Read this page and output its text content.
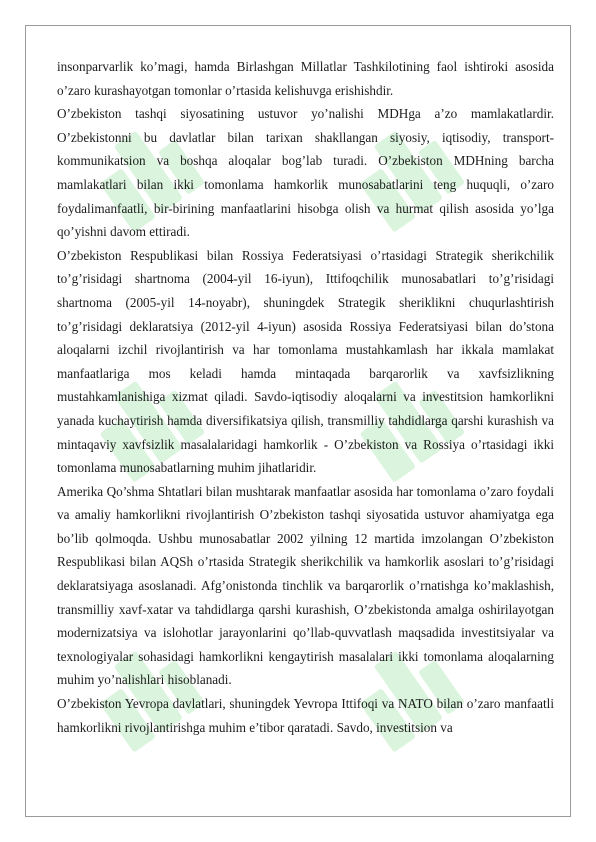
insonparvarlik ko’magi, hamda Birlashgan Millatlar Tashkilotining faol ishtiroki asosida o’zaro kurashayotgan tomonlar o’rtasida kelishuvga erishishdir.

O’zbekiston tashqi siyosatining ustuvor yo’nalishi MDHga a’zo mamlakatlardir. O’zbekistonni bu davlatlar bilan tarixan shakllangan siyosiy, iqtisodiy, transport-kommunikatsion va boshqa aloqalar bog’lab turadi. O’zbekiston MDHning barcha mamlakatlari bilan ikki tomonlama hamkorlik munosabatlarini teng huquqli, o’zaro foydalimanfaatli, bir-birining manfaatlarini hisobga olish va hurmat qilish asosida yo’lga qo’yishni davom ettiradi.

O’zbekiston Respublikasi bilan Rossiya Federatsiyasi o’rtasidagi Strategik sherikchilik to’g’risidagi shartnoma (2004-yil 16-iyun), Ittifoqchilik munosabatlari to’g’risidagi shartnoma (2005-yil 14-noyabr), shuningdek Strategik sheriklikni chuqurlashtirish to’g’risidagi deklaratsiya (2012-yil 4-iyun) asosida Rossiya Federatsiyasi bilan do’stona aloqalarni izchil rivojlantirish va har tomonlama mustahkamlash har ikkala mamlakat manfaatlariga mos keladi hamda mintaqada barqarorlik va xavfsizlikning mustahkamlanishiga xizmat qiladi. Savdo-iqtisodiy aloqalarni va investitsion hamkorlikni yanada kuchaytirish hamda diversifikatsiya qilish, transmilliy tahdidlarga qarshi kurashish va mintaqaviy xavfsizlik masalalaridagi hamkorlik - O’zbekiston va Rossiya o’rtasidagi ikki tomonlama munosabatlarning muhim jihatlaridir.

Amerika Qo’shma Shtatlari bilan mushtarak manfaatlar asosida har tomonlama o’zaro foydali va amaliy hamkorlikni rivojlantirish O’zbekiston tashqi siyosatida ustuvor ahamiyatga ega bo’lib qolmoqda. Ushbu munosabatlar 2002 yilning 12 martida imzolangan O’zbekiston Respublikasi bilan AQSh o’rtasida Strategik sherikchilik va hamkorlik asoslari to’g’risidagi deklaratsiyaga asoslanadi. Afg’onistonda tinchlik va barqarorlik o’rnatishga ko’maklashish, transmilliy xavf-xatar va tahdidlarga qarshi kurashish, O’zbekistonda amalga oshirilayotgan modernizatsiya va islohotlar jarayonlarini qo’llab-quvvatlash maqsadida investitsiyalar va texnologiyalar sohasidagi hamkorlikni kengaytirish masalalari ikki tomonlama aloqalarning muhim yo’nalishlari hisoblanadi.

O’zbekiston Yevropa davlatlari, shuningdek Yevropa Ittifoqi va NATO bilan o’zaro manfaatli hamkorlikni rivojlantirishga muhim e’tibor qaratadi. Savdo, investitsion va
